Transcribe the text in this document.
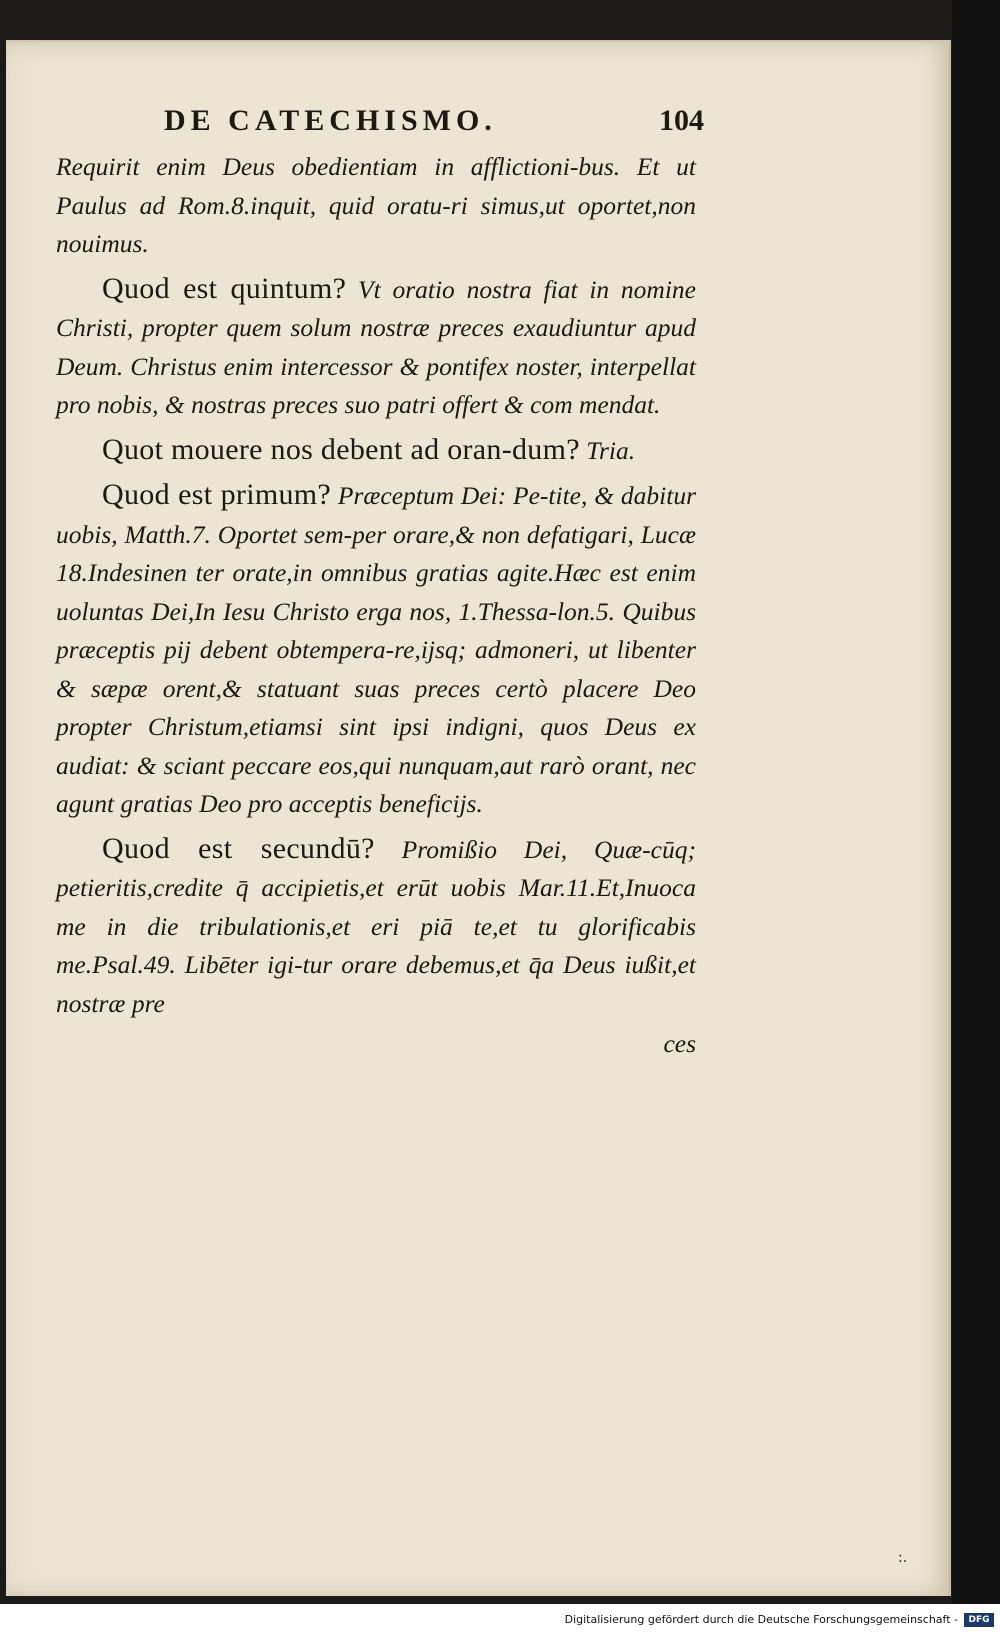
DE CATECHISMO.	104

Requirit enim Deus obedientiam in afflictioni-bus. Et ut Paulus ad Rom.8.inquit, quid oratu-ri simus,ut oportet,non nouimus.

Quod est quintum? Vt oratio nostra fiat in nomine Christi, propter quem solum nostræ preces exaudiuntur apud Deum. Christus enim intercessor & pontifex noster, interpellat pro nobis, & nostras preces suo patri offert & com mendat.

Quot mouere nos debent ad oran-dum? Tria.

Quod est primum? Præceptum Dei: Pe-tite, & dabitur uobis, Matth.7. Oportet sem-per orare,& non defatigari, Lucæ 18.Indesinen ter orate,in omnibus gratias agite.Hæc est enim uoluntas Dei,In Iesu Christo erga nos, 1.Thessa-lon.5. Quibus præceptis pij debent obtempera-re,ijsq; admoneri, ut libenter & sæpæ orent,& statuant suas preces certò placere Deo propter Christum,etiamsi sint ipsi indigni, quos Deus ex audiat: & sciant peccare eos,qui nunquam,aut rarò orant, nec agunt gratias Deo pro acceptis beneficijs.

Quod est secundū? Promißio Dei, Quæ-cūq; petieritis,credite q̄ accipietis,et erūt uobis Mar.11.Et,Inuoca me in die tribulationis,et eri piā te,et tu glorificabis me.Psal.49. Libēter igi-tur orare debemus,et q̄a Deus iußit,et nostræ pre

ces
:.
Digitalisierung gefördert durch die Deutsche Forschungsgemeinschaft -	DFG
